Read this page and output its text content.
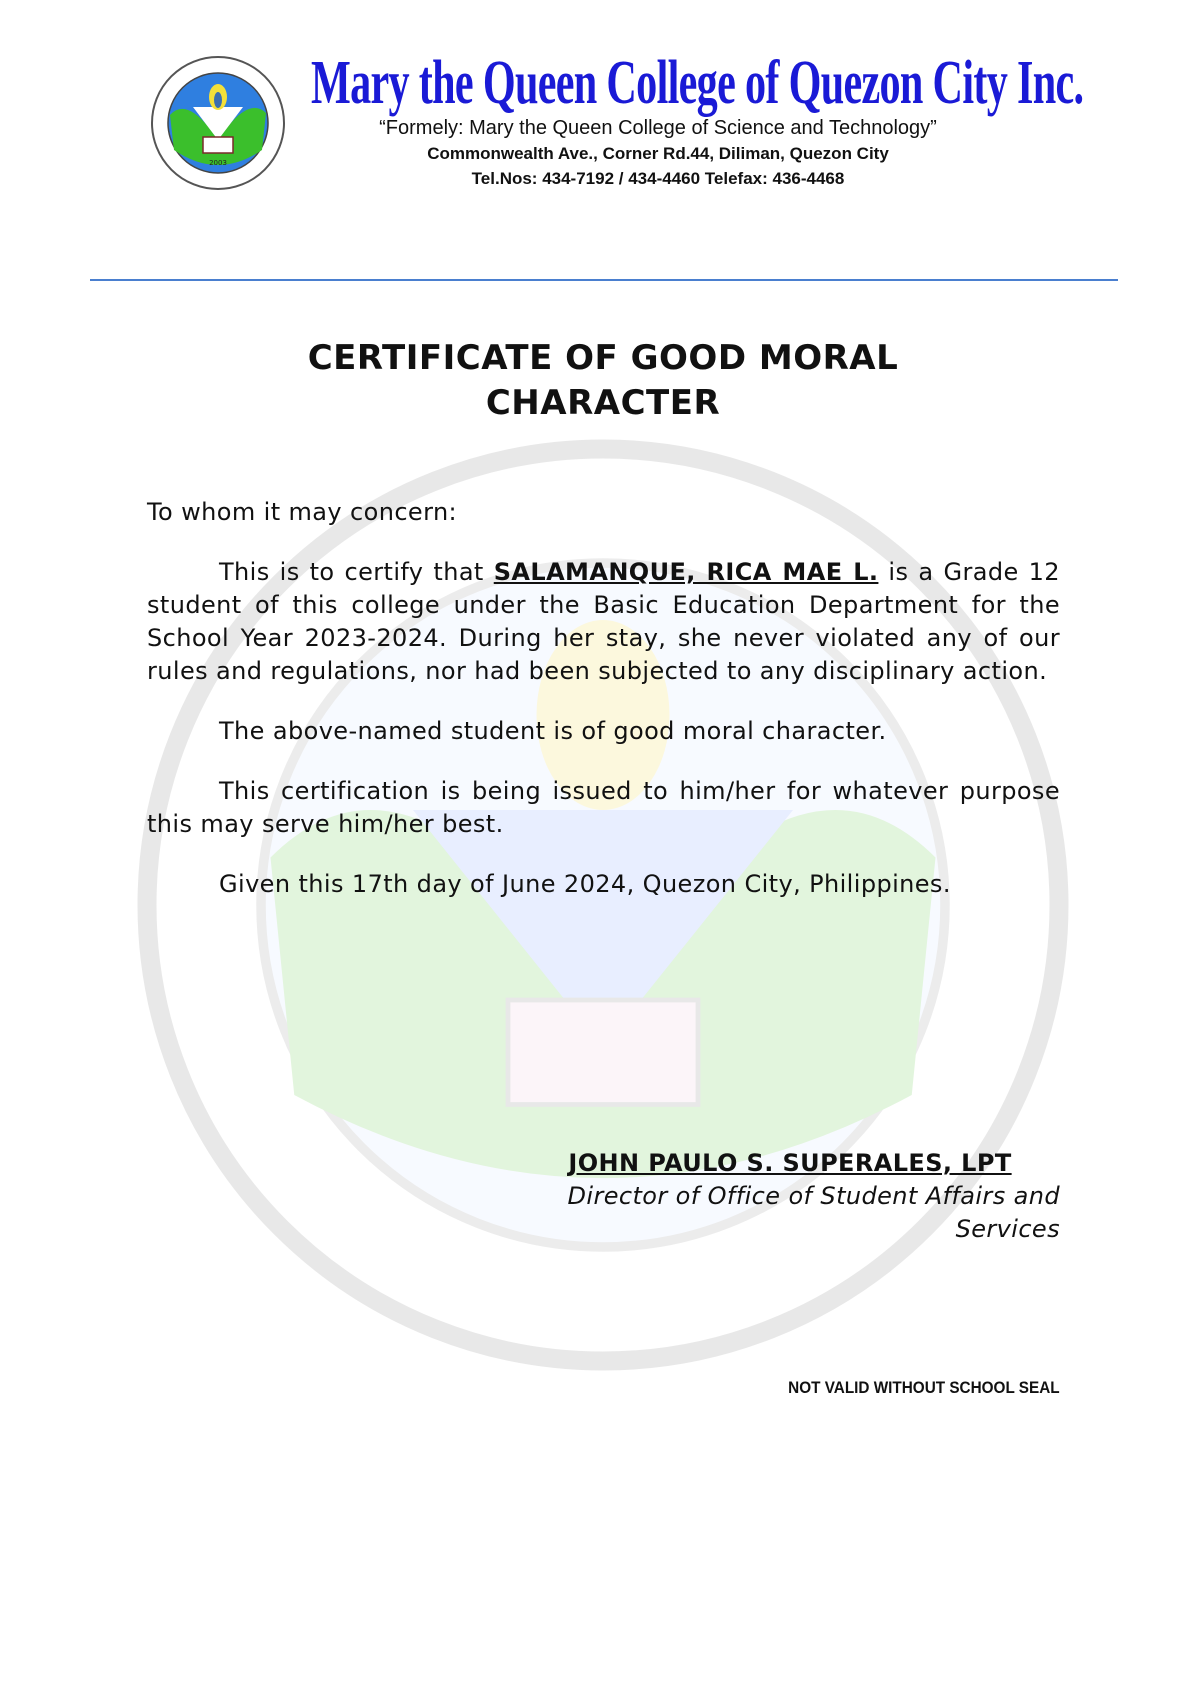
2003
Mary the Queen College of Quezon City Inc.
“Formely: Mary the Queen College of Science and Technology”
Commonwealth Ave., Corner Rd.44, Diliman, Quezon City
Tel.Nos: 434-7192 / 434-4460 Telefax: 436-4468
CERTIFICATE OF GOOD MORAL
CHARACTER

To whom it may concern:

This is to certify that SALAMANQUE, RICA MAE L. is a Grade 12 student of this college under the Basic Education Department for the School Year 2023-2024. During her stay, she never violated any of our rules and regulations, nor had been subjected to any disciplinary action.

The above-named student is of good moral character.

This certification is being issued to him/her for whatever purpose this may serve him/her best.

Given this 17th day of June 2024, Quezon City, Philippines.

JOHN PAULO S. SUPERALES, LPT
Director of Office of Student Affairs and Services
NOT VALID WITHOUT SCHOOL SEAL
